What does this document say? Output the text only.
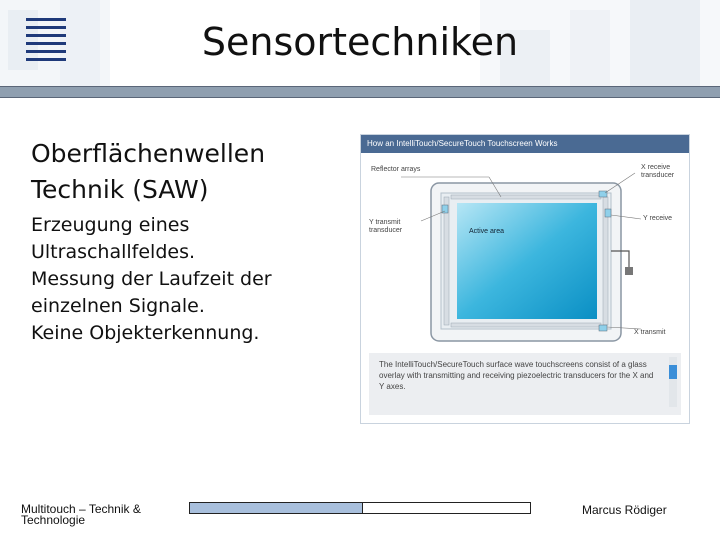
Sensortechniken
Oberflächenwellen
Technik (SAW)
Erzeugung eines
Ultraschallfeldes.
Messung der Laufzeit der
einzelnen Signale.
Keine Objekterkennung.
How an IntelliTouch/SecureTouch Touchscreen Works
Reflector arrays	X receive transducer
Y transmit transducer
Y receive
Active area
X transmit
The IntelliTouch/SecureTouch surface wave touchscreens consist of a glass overlay with transmitting and receiving piezoelectric transducers for the X and Y axes.
Multitouch – Technik & Technologie
Marcus Rödiger
